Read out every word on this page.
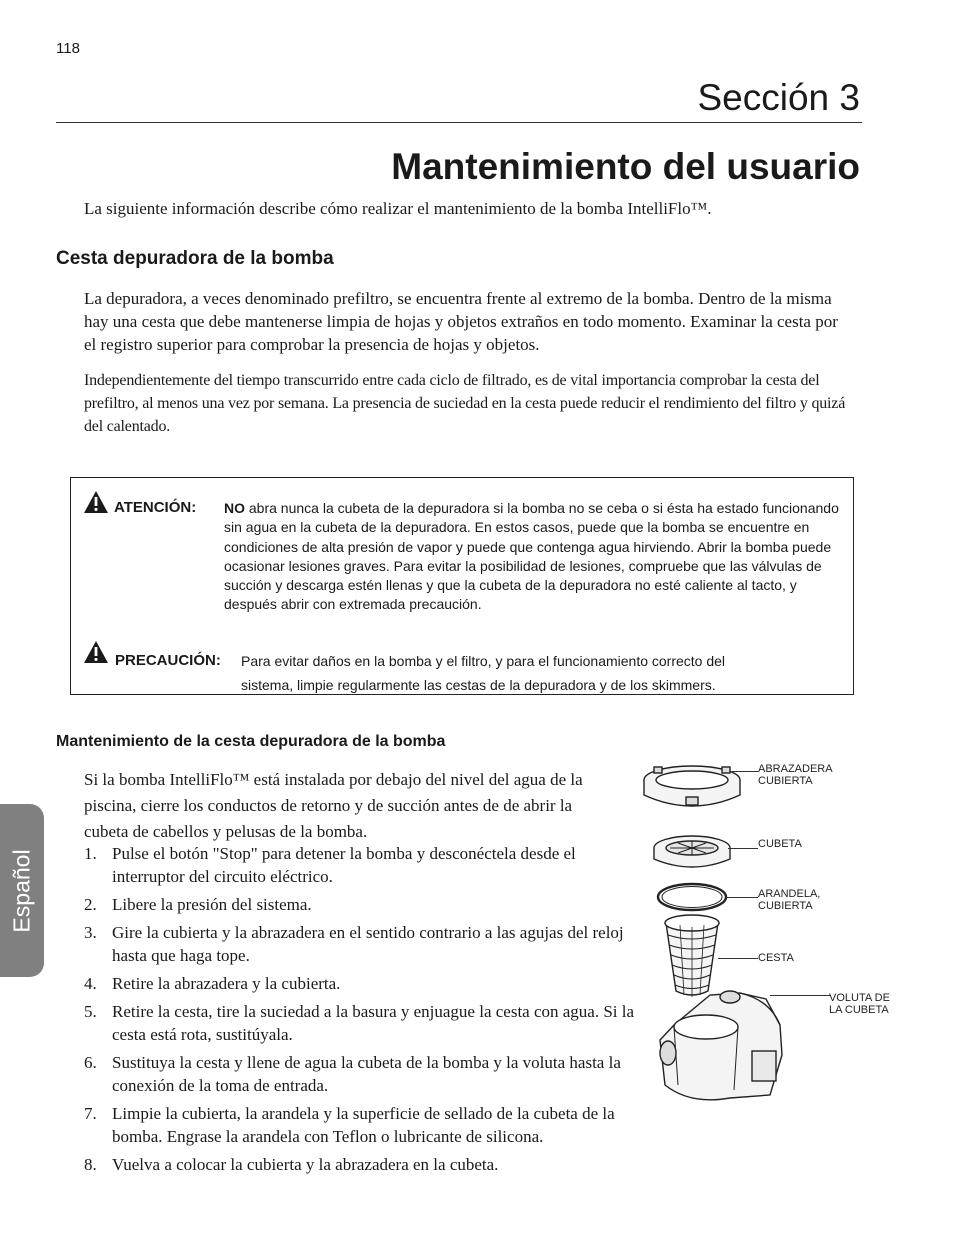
118
Sección 3
Mantenimiento del usuario
La siguiente información describe cómo realizar el mantenimiento de la bomba IntelliFlo™.
Cesta depuradora de la bomba
La depuradora, a veces denominado prefiltro, se encuentra frente al extremo de la bomba. Dentro de la misma hay una cesta que debe mantenerse limpia de hojas y objetos extraños en todo momento. Examinar la cesta por el registro superior para comprobar la presencia de hojas y objetos.
Independientemente del tiempo transcurrido entre cada ciclo de filtrado, es de vital importancia comprobar la cesta del prefiltro, al menos una vez por semana. La presencia de suciedad en la cesta puede reducir el rendimiento del filtro y quizá del calentado.
ATENCIÓN: NO abra nunca la cubeta de la depuradora si la bomba no se ceba o si ésta ha estado funcionando sin agua en la cubeta de la depuradora. En estos casos, puede que la bomba se encuentre en condiciones de alta presión de vapor y puede que contenga agua hirviendo. Abrir la bomba puede ocasionar lesiones graves. Para evitar la posibilidad de lesiones, compruebe que las válvulas de succión y descarga estén llenas y que la cubeta de la depuradora no esté caliente al tacto, y después abrir con extremada precaución.
PRECAUCIÓN: Para evitar daños en la bomba y el filtro, y para el funcionamiento correcto del
sistema, limpie regularmente las cestas de la depuradora y de los skimmers.
Mantenimiento de la cesta depuradora de la bomba
Si la bomba IntelliFlo™ está instalada por debajo del nivel del agua de la piscina, cierre los conductos de retorno y de succión antes de de abrir la cubeta de cabellos y pelusas de la bomba.
1. Pulse el botón "Stop" para detener la bomba y desconéctela desde el interruptor del circuito eléctrico.
2. Libere la presión del sistema.
3. Gire la cubierta y la abrazadera en el sentido contrario a las agujas del reloj hasta que haga tope.
4. Retire la abrazadera y la cubierta.
5. Retire la cesta, tire la suciedad a la basura y enjuague la cesta con agua. Si la cesta está rota, sustitúyala.
6. Sustituya la cesta y llene de agua la cubeta de la bomba y la voluta hasta la conexión de la toma de entrada.
7. Limpie la cubierta, la arandela y la superficie de sellado de la cubeta de la bomba. Engrase la arandela con Teflon o lubricante de silicona.
8. Vuelva a colocar la cubierta y la abrazadera en la cubeta.
Español
ABRAZADERA
CUBIERTA
CUBETA
ARANDELA,
CUBIERTA
CESTA
VOLUTA DE
LA CUBETA
